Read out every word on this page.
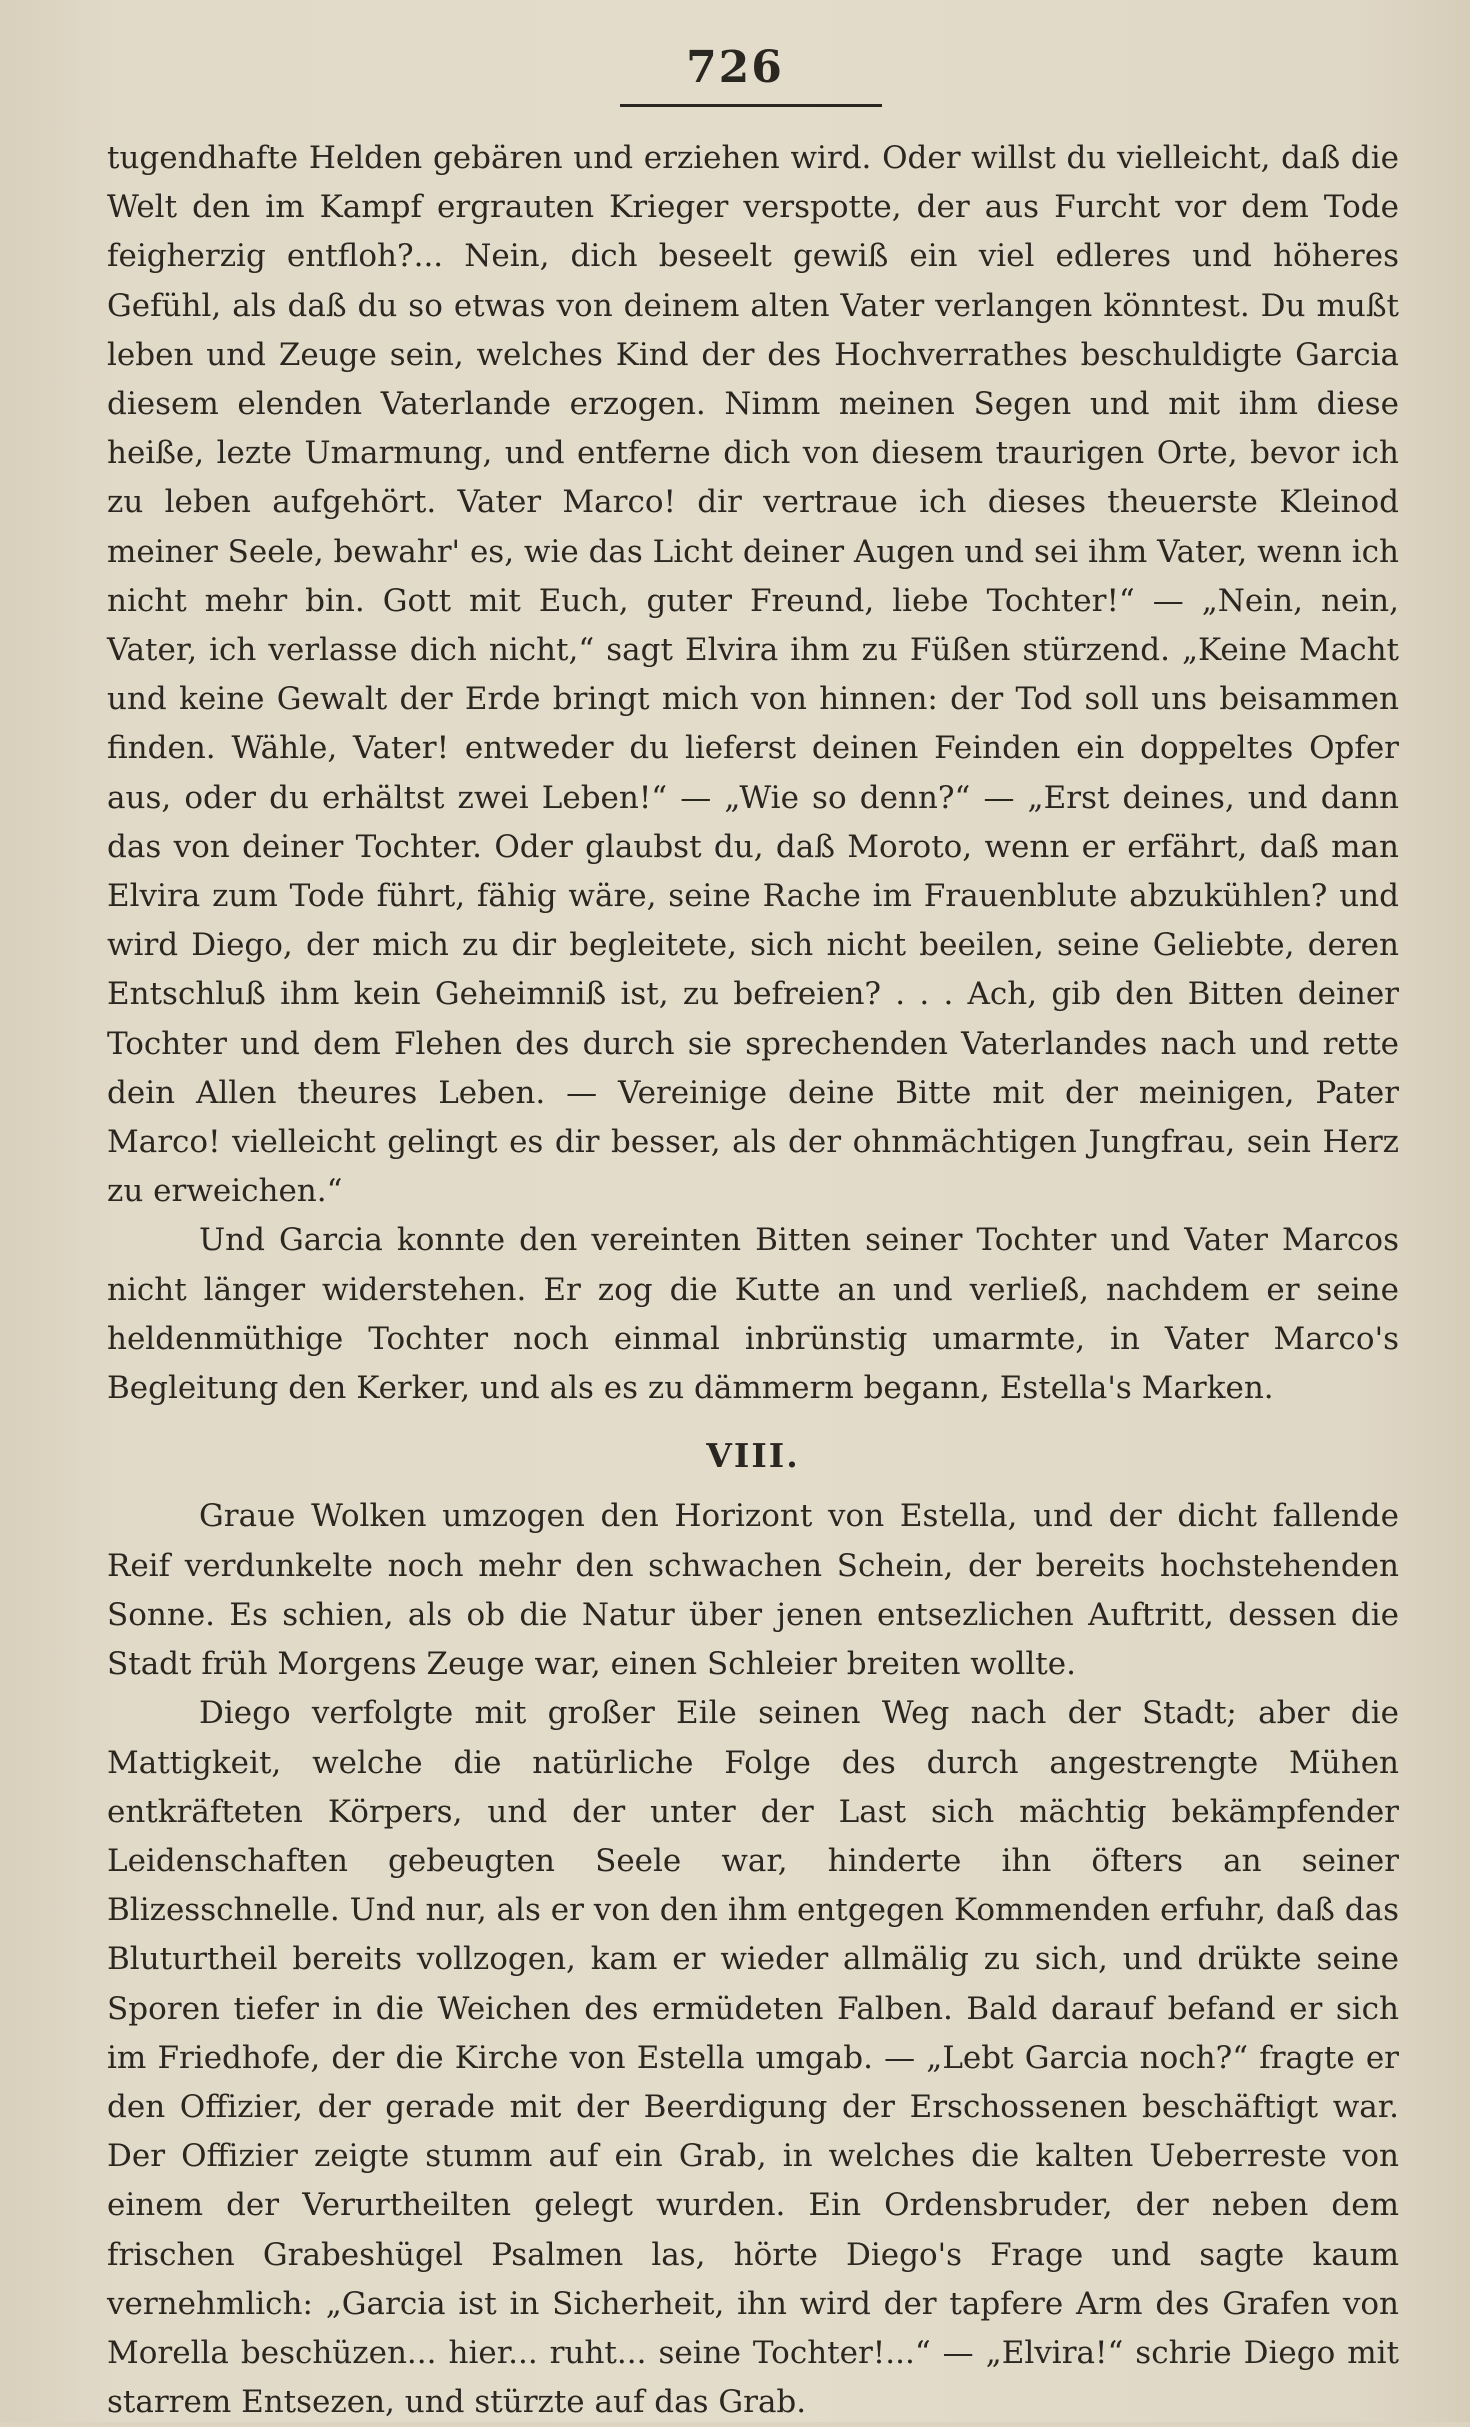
726

tugendhafte Helden gebären und erziehen wird. Oder willst du vielleicht, daß die Welt den im Kampf ergrauten Krieger verspotte, der aus Furcht vor dem Tode feigherzig entfloh?... Nein, dich beseelt gewiß ein viel edleres und höheres Gefühl, als daß du so etwas von deinem alten Vater verlangen könntest. Du mußt leben und Zeuge sein, welches Kind der des Hochverrathes beschuldigte Garcia diesem elenden Vaterlande erzogen. Nimm meinen Segen und mit ihm diese heiße, lezte Umarmung, und entferne dich von diesem traurigen Orte, bevor ich zu leben aufgehört. Vater Marco! dir vertraue ich dieses theuerste Kleinod meiner Seele, bewahr' es, wie das Licht deiner Augen und sei ihm Vater, wenn ich nicht mehr bin. Gott mit Euch, guter Freund, liebe Tochter!“ — „Nein, nein, Vater, ich verlasse dich nicht,“ sagt Elvira ihm zu Füßen stürzend. „Keine Macht und keine Gewalt der Erde bringt mich von hinnen: der Tod soll uns beisammen finden. Wähle, Vater! entweder du lieferst deinen Feinden ein doppeltes Opfer aus, oder du erhältst zwei Leben!“ — „Wie so denn?“ — „Erst deines, und dann das von deiner Tochter. Oder glaubst du, daß Moroto, wenn er erfährt, daß man Elvira zum Tode führt, fähig wäre, seine Rache im Frauenblute abzukühlen? und wird Diego, der mich zu dir begleitete, sich nicht beeilen, seine Geliebte, deren Entschluß ihm kein Geheimniß ist, zu befreien? . . . Ach, gib den Bitten deiner Tochter und dem Flehen des durch sie sprechenden Vaterlandes nach und rette dein Allen theures Leben. — Vereinige deine Bitte mit der meinigen, Pater Marco! vielleicht gelingt es dir besser, als der ohnmächtigen Jungfrau, sein Herz zu erweichen.“

Und Garcia konnte den vereinten Bitten seiner Tochter und Vater Marcos nicht länger widerstehen. Er zog die Kutte an und verließ, nachdem er seine heldenmüthige Tochter noch einmal inbrünstig umarmte, in Vater Marco's Begleitung den Kerker, und als es zu dämmerm begann, Estella's Marken.

VIII.

Graue Wolken umzogen den Horizont von Estella, und der dicht fallende Reif verdunkelte noch mehr den schwachen Schein, der bereits hochstehenden Sonne. Es schien, als ob die Natur über jenen entsezlichen Auftritt, dessen die Stadt früh Morgens Zeuge war, einen Schleier breiten wollte.

Diego verfolgte mit großer Eile seinen Weg nach der Stadt; aber die Mattigkeit, welche die natürliche Folge des durch angestrengte Mühen entkräfteten Körpers, und der unter der Last sich mächtig bekämpfender Leidenschaften gebeugten Seele war, hinderte ihn öfters an seiner Blizesschnelle. Und nur, als er von den ihm entgegen Kommenden erfuhr, daß das Bluturtheil bereits vollzogen, kam er wieder allmälig zu sich, und drükte seine Sporen tiefer in die Weichen des ermüdeten Falben. Bald darauf befand er sich im Friedhofe, der die Kirche von Estella umgab. — „Lebt Garcia noch?“ fragte er den Offizier, der gerade mit der Beerdigung der Erschossenen beschäftigt war. Der Offizier zeigte stumm auf ein Grab, in welches die kalten Ueberreste von einem der Verurtheilten gelegt wurden. Ein Ordensbruder, der neben dem frischen Grabeshügel Psalmen las, hörte Diego's Frage und sagte kaum vernehmlich: „Garcia ist in Sicherheit, ihn wird der tapfere Arm des Grafen von Morella beschüzen... hier... ruht... seine Tochter!...“ — „Elvira!“ schrie Diego mit starrem Entsezen, und stürzte auf das Grab.
